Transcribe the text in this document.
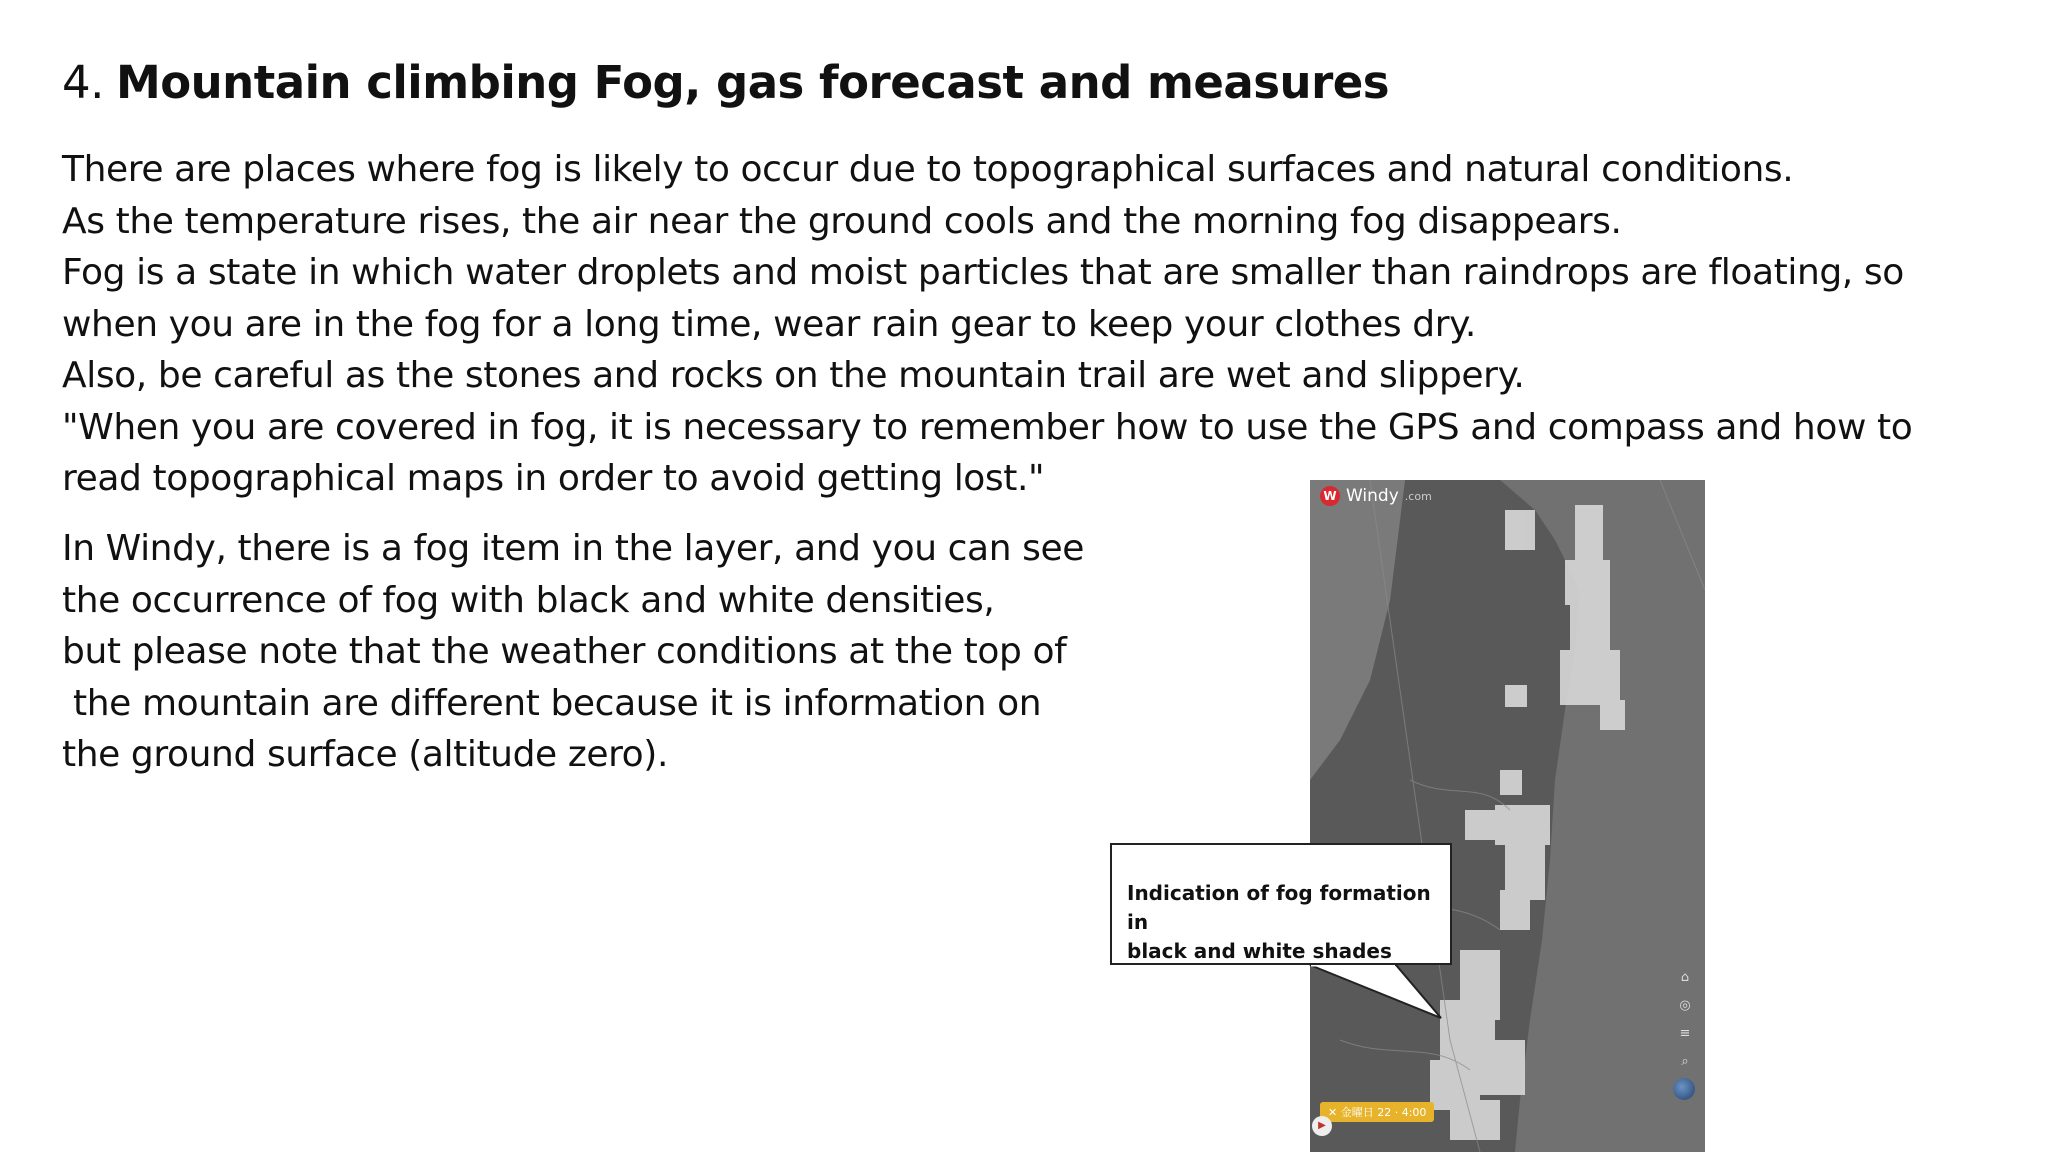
4. Mountain climbing Fog, gas forecast and measures
There are places where fog is likely to occur due to topographical surfaces and natural conditions.
As the temperature rises, the air near the ground cools and the morning fog disappears.
Fog is a state in which water droplets and moist particles that are smaller than raindrops are floating, so
when you are in the fog for a long time, wear rain gear to keep your clothes dry.
Also, be careful as the stones and rocks on the mountain trail are wet and slippery.
"When you are covered in fog, it is necessary to remember how to use the GPS and compass and how to
read topographical maps in order to avoid getting lost."
In Windy, there is a fog item in the layer, and you can see
the occurrence of fog with black and white densities,
but please note that the weather conditions at the top of
the mountain are different because it is information on
the ground surface (altitude zero).
W Windy .com
⌂
◎
≡
⌕
✕ 金曜日 22 · 4:00
▶
Indication of fog formation in
black and white shades
